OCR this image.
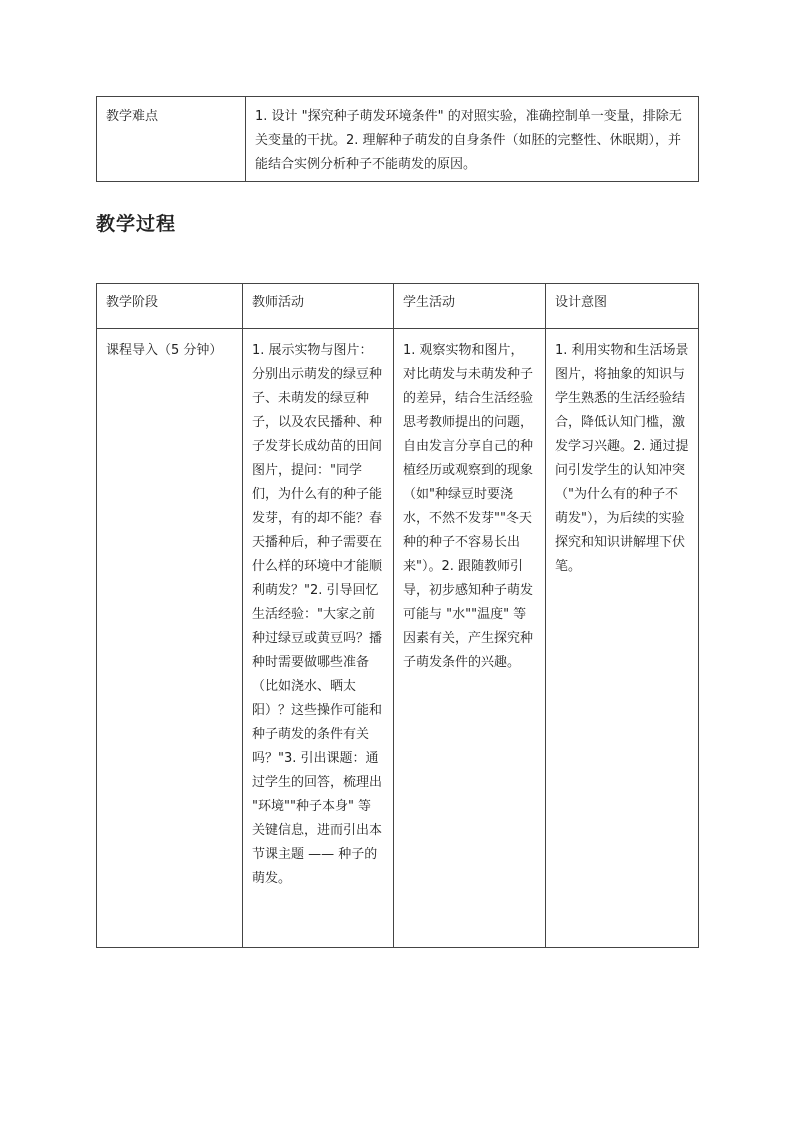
教学难点	1. 设计 "探究种子萌发环境条件" 的对照实验，准确控制单一变量，排除无关变量的干扰。2. 理解种子萌发的自身条件（如胚的完整性、休眠期），并能结合实例分析种子不能萌发的原因。
教学过程
教学阶段	教师活动	学生活动	设计意图
课程导入（5 分钟）	1. 展示实物与图片：分别出示萌发的绿豆种子、未萌发的绿豆种子，以及农民播种、种子发芽长成幼苗的田间图片，提问："同学们，为什么有的种子能发芽，有的却不能？春天播种后，种子需要在什么样的环境中才能顺利萌发？"2. 引导回忆生活经验："大家之前种过绿豆或黄豆吗？播种时需要做哪些准备（比如浇水、晒太阳）？这些操作可能和种子萌发的条件有关吗？"3. 引出课题：通过学生的回答，梳理出 "环境""种子本身" 等关键信息，进而引出本节课主题 —— 种子的萌发。	1. 观察实物和图片，对比萌发与未萌发种子的差异，结合生活经验思考教师提出的问题，自由发言分享自己的种植经历或观察到的现象（如"种绿豆时要浇水，不然不发芽""冬天种的种子不容易长出来"）。2. 跟随教师引导，初步感知种子萌发可能与 "水""温度" 等因素有关，产生探究种子萌发条件的兴趣。	1. 利用实物和生活场景图片，将抽象的知识与学生熟悉的生活经验结合，降低认知门槛，激发学习兴趣。2. 通过提问引发学生的认知冲突（"为什么有的种子不萌发"），为后续的实验探究和知识讲解埋下伏笔。
